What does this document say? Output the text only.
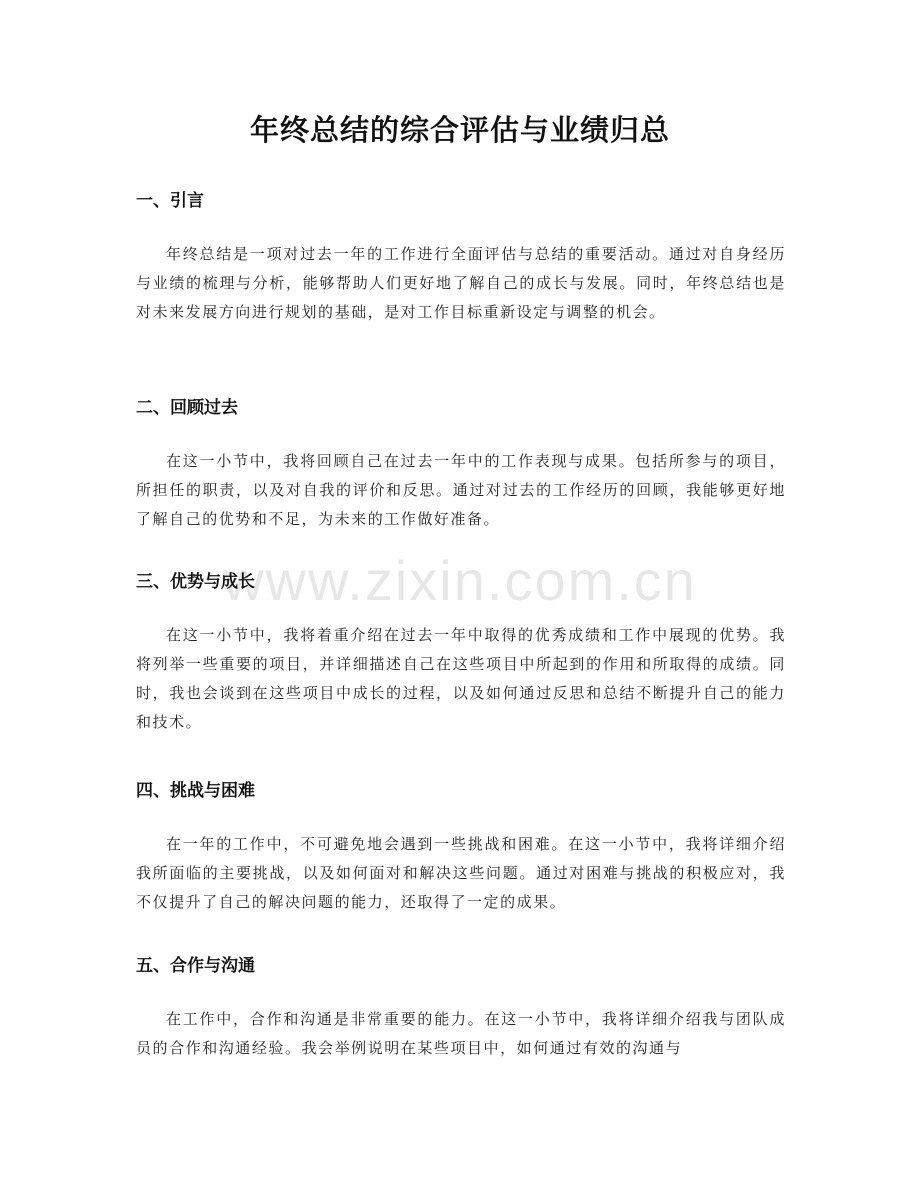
年终总结的综合评估与业绩归总
一、引言

年终总结是一项对过去一年的工作进行全面评估与总结的重要活动。通过对自身经历与业绩的梳理与分析，能够帮助人们更好地了解自己的成长与发展。同时，年终总结也是对未来发展方向进行规划的基础，是对工作目标重新设定与调整的机会。

二、回顾过去

在这一小节中，我将回顾自己在过去一年中的工作表现与成果。包括所参与的项目，所担任的职责，以及对自我的评价和反思。通过对过去的工作经历的回顾，我能够更好地了解自己的优势和不足，为未来的工作做好准备。

三、优势与成长

在这一小节中，我将着重介绍在过去一年中取得的优秀成绩和工作中展现的优势。我将列举一些重要的项目，并详细描述自己在这些项目中所起到的作用和所取得的成绩。同时，我也会谈到在这些项目中成长的过程，以及如何通过反思和总结不断提升自己的能力和技术。

四、挑战与困难

在一年的工作中，不可避免地会遇到一些挑战和困难。在这一小节中，我将详细介绍我所面临的主要挑战，以及如何面对和解决这些问题。通过对困难与挑战的积极应对，我不仅提升了自己的解决问题的能力，还取得了一定的成果。

五、合作与沟通

在工作中，合作和沟通是非常重要的能力。在这一小节中，我将详细介绍我与团队成员的合作和沟通经验。我会举例说明在某些项目中，如何通过有效的沟通与

www.zixin.com.cn
